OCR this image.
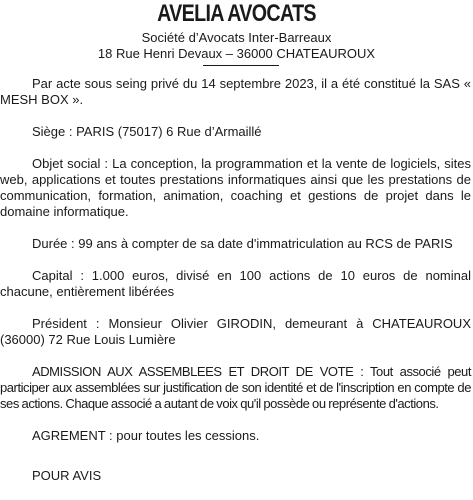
AVELIA AVOCATS
Société d’Avocats Inter-Barreaux
18 Rue Henri Devaux – 36000 CHATEAUROUX

Par acte sous seing privé du 14 septembre 2023, il a été constitué la SAS « MESH BOX ».

Siège : PARIS (75017) 6 Rue d’Armaillé

Objet social : La conception, la programmation et la vente de logiciels, sites web, applications et toutes prestations informatiques ainsi que les prestations de communication, formation, animation, coaching et gestions de projet dans le domaine informatique.

Durée : 99 ans à compter de sa date d'immatriculation au RCS de PARIS

Capital : 1.000 euros, divisé en 100 actions de 10 euros de nominal chacune, entièrement libérées

Président : Monsieur Olivier GIRODIN, demeurant à CHATEAUROUX (36000) 72 Rue Louis Lumière

ADMISSION AUX ASSEMBLEES ET DROIT DE VOTE : Tout associé peut participer aux assemblées sur justification de son identité et de l'inscription en compte de ses actions. Chaque associé a autant de voix qu'il possède ou représente d'actions.

AGREMENT : pour toutes les cessions.

POUR AVIS
